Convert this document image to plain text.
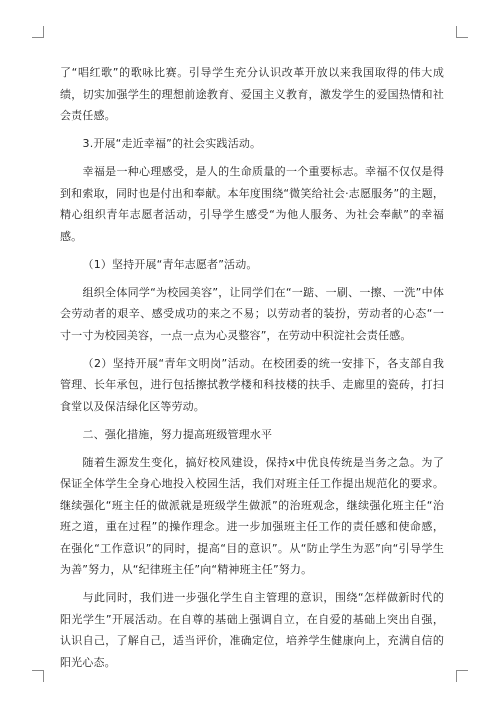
了“唱红歌”的歌咏比赛。引导学生充分认识改革开放以来我国取得的伟大成绩，切实加强学生的理想前途教育、爱国主义教育，激发学生的爱国热情和社会责任感。

3.开展“走近幸福”的社会实践活动。

幸福是一种心理感受，是人的生命质量的一个重要标志。幸福不仅仅是得到和索取，同时也是付出和奉献。本年度围绕“微笑给社会·志愿服务”的主题，精心组织青年志愿者活动，引导学生感受“为他人服务、为社会奉献”的幸福感。

（1）坚持开展“青年志愿者”活动。

组织全体同学“为校园美容”，让同学们在“一踮、一刷、一擦、一洗”中体会劳动者的艰辛、感受成功的来之不易；以劳动者的装扮，劳动者的心态“一寸一寸为校园美容，一点一点为心灵整容”，在劳动中积淀社会责任感。

（2）坚持开展“青年文明岗”活动。在校团委的统一安排下，各支部自我管理、长年承包，进行包括擦拭教学楼和科技楼的扶手、走廊里的瓷砖，打扫食堂以及保洁绿化区等劳动。

二、强化措施，努力提高班级管理水平

随着生源发生变化，搞好校风建设，保持x中优良传统是当务之急。为了保证全体学生全身心地投入校园生活，我们对班主任工作提出规范化的要求。继续强化“班主任的做派就是班级学生做派”的治班观念，继续强化班主任“治班之道，重在过程”的操作理念。进一步加强班主任工作的责任感和使命感，在强化“工作意识”的同时，提高“目的意识”。从“防止学生为恶”向“引导学生为善”努力，从“纪律班主任”向“精神班主任”努力。

与此同时，我们进一步强化学生自主管理的意识，围绕“怎样做新时代的阳光学生”开展活动。在自尊的基础上强调自立，在自爱的基础上突出自强，认识自己，了解自己，适当评价，准确定位，培养学生健康向上，充满自信的阳光心态。
